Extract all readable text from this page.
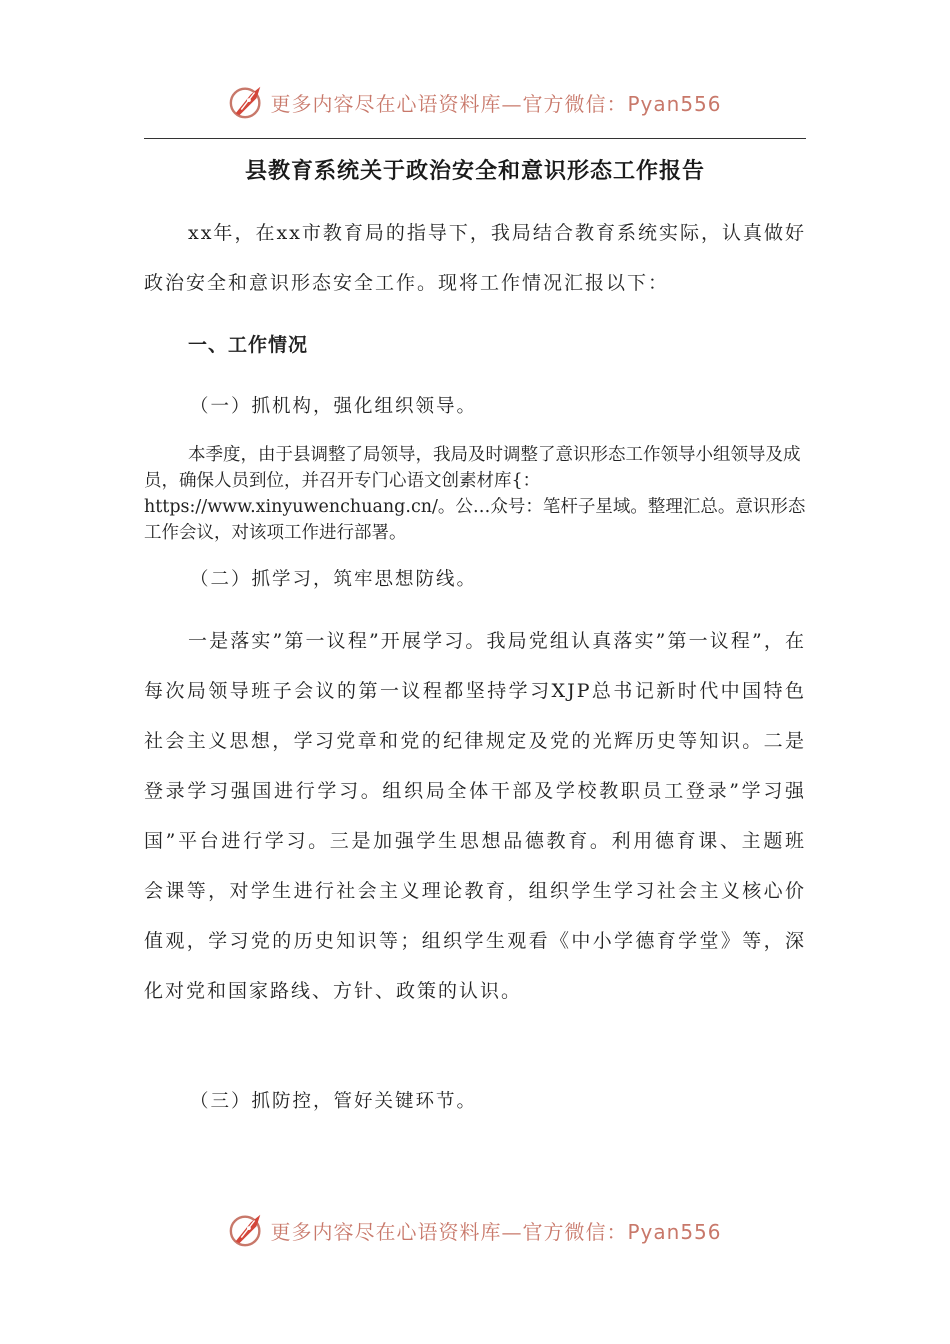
更多内容尽在心语资料库—官方微信：Pyan556
县教育系统关于政治安全和意识形态工作报告

xx年，在xx市教育局的指导下，我局结合教育系统实际，认真做好政治安全和意识形态安全工作。现将工作情况汇报以下：

一、工作情况

（一）抓机构，强化组织领导。

本季度，由于县调整了局领导，我局及时调整了意识形态工作领导小组领导及成员，确保人员到位，并召开专门心语文创素材库{：https://www.xinyuwenchuang.cn/。公…众号：笔杆子星域。整理汇总。意识形态工作会议，对该项工作进行部署。

（二）抓学习，筑牢思想防线。

一是落实”第一议程”开展学习。我局党组认真落实”第一议程”，在每次局领导班子会议的第一议程都坚持学习XJP总书记新时代中国特色社会主义思想，学习党章和党的纪律规定及党的光辉历史等知识。二是登录学习强国进行学习。组织局全体干部及学校教职员工登录”学习强国”平台进行学习。三是加强学生思想品德教育。利用德育课、主题班会课等，对学生进行社会主义理论教育，组织学生学习社会主义核心价值观，学习党的历史知识等；组织学生观看《中小学德育学堂》等，深化对党和国家路线、方针、政策的认识。

（三）抓防控，管好关键环节。

更多内容尽在心语资料库—官方微信：Pyan556
